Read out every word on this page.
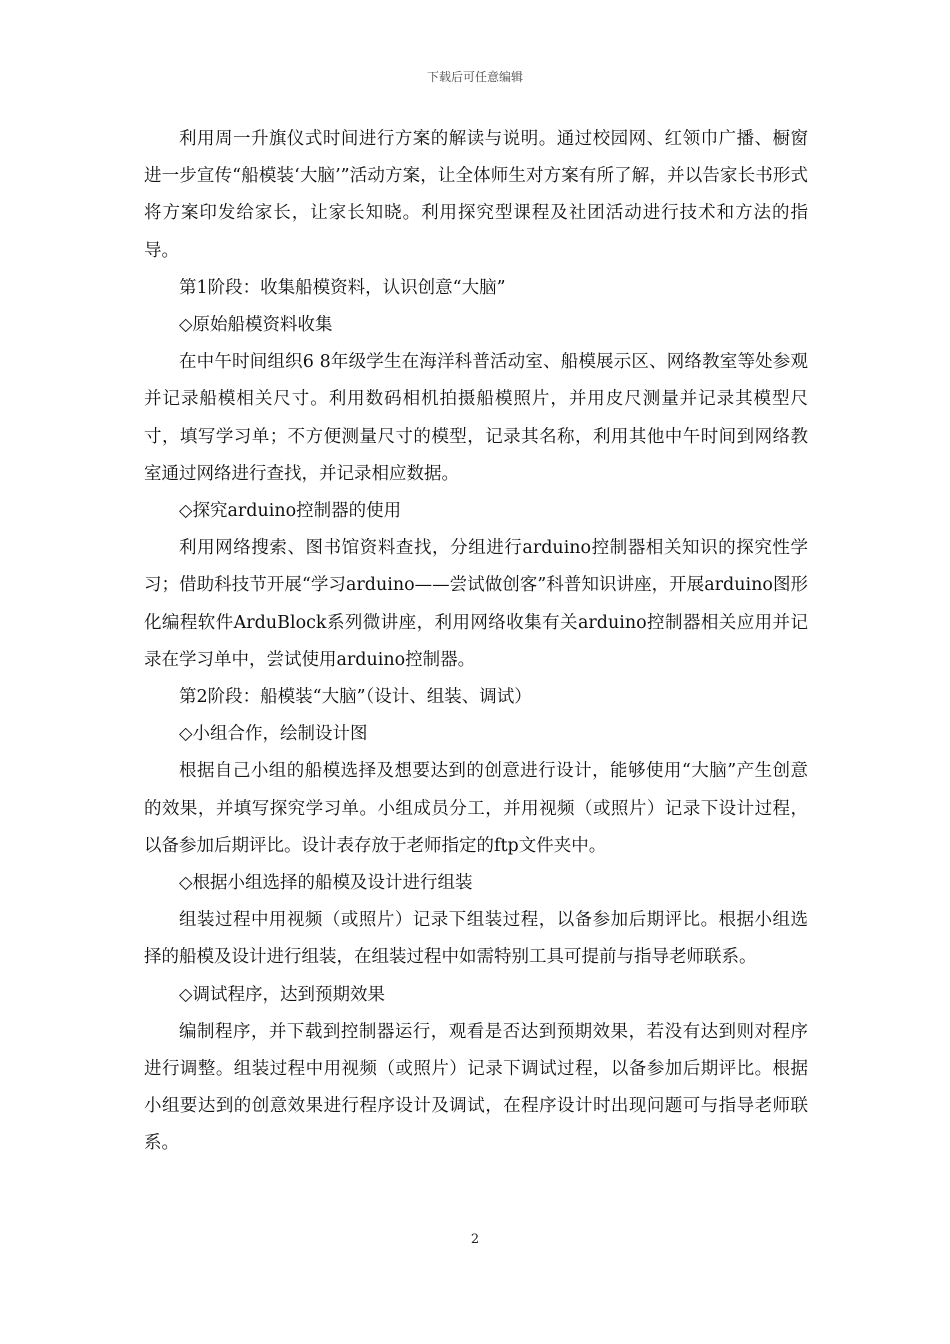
下载后可任意编辑

利用周一升旗仪式时间进行方案的解读与说明。通过校园网、红领巾广播、橱窗进一步宣传“船模装‘大脑’”活动方案，让全体师生对方案有所了解，并以告家长书形式将方案印发给家长，让家长知晓。利用探究型课程及社团活动进行技术和方法的指导。

第1阶段：收集船模资料，认识创意“大脑”

◇原始船模资料收集

在中午时间组织6 8年级学生在海洋科普活动室、船模展示区、网络教室等处参观并记录船模相关尺寸。利用数码相机拍摄船模照片，并用皮尺测量并记录其模型尺寸，填写学习单；不方便测量尺寸的模型，记录其名称，利用其他中午时间到网络教室通过网络进行查找，并记录相应数据。

◇探究arduino控制器的使用

利用网络搜索、图书馆资料查找，分组进行arduino控制器相关知识的探究性学习；借助科技节开展“学习arduino——尝试做创客”科普知识讲座，开展arduino图形化编程软件ArduBlock系列微讲座，利用网络收集有关arduino控制器相关应用并记录在学习单中，尝试使用arduino控制器。

第2阶段：船模装“大脑”（设计、组装、调试）

◇小组合作，绘制设计图

根据自己小组的船模选择及想要达到的创意进行设计，能够使用“大脑”产生创意的效果，并填写探究学习单。小组成员分工，并用视频（或照片）记录下设计过程，以备参加后期评比。设计表存放于老师指定的ftp文件夹中。

◇根据小组选择的船模及设计进行组装

组装过程中用视频（或照片）记录下组装过程，以备参加后期评比。根据小组选择的船模及设计进行组装，在组装过程中如需特别工具可提前与指导老师联系。

◇调试程序，达到预期效果

编制程序，并下载到控制器运行，观看是否达到预期效果，若没有达到则对程序进行调整。组装过程中用视频（或照片）记录下调试过程，以备参加后期评比。根据小组要达到的创意效果进行程序设计及调试，在程序设计时出现问题可与指导老师联系。

2
